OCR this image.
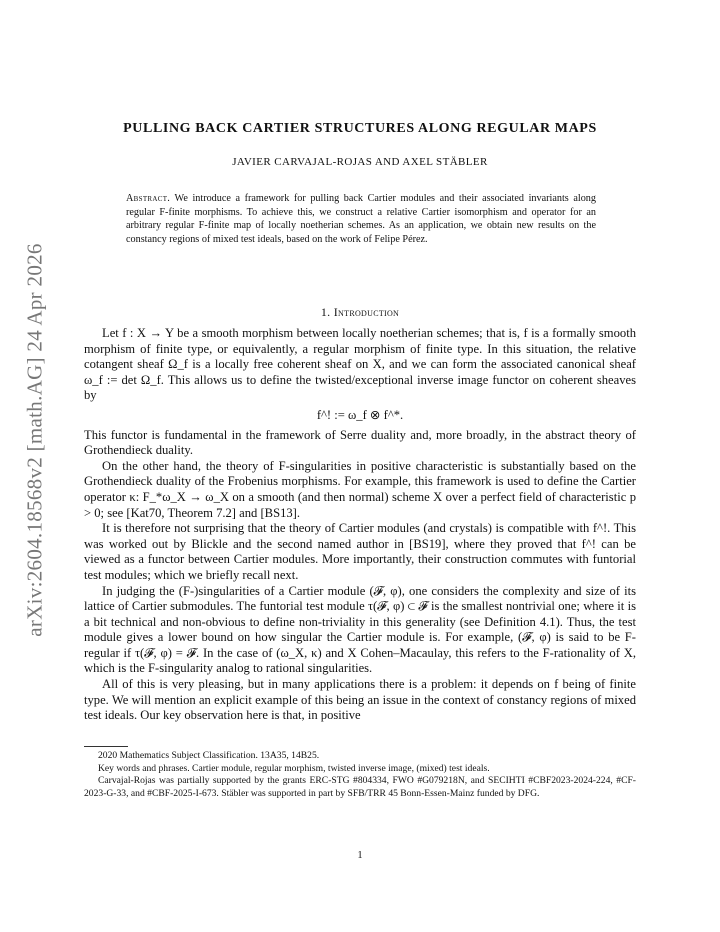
arXiv:2604.18568v2 [math.AG] 24 Apr 2026
PULLING BACK CARTIER STRUCTURES ALONG REGULAR MAPS
JAVIER CARVAJAL-ROJAS AND AXEL STÄBLER
Abstract. We introduce a framework for pulling back Cartier modules and their associated invariants along regular F-finite morphisms. To achieve this, we construct a relative Cartier isomorphism and operator for an arbitrary regular F-finite map of locally noetherian schemes. As an application, we obtain new results on the constancy regions of mixed test ideals, based on the work of Felipe Pérez.
1. Introduction

Let f : X → Y be a smooth morphism between locally noetherian schemes; that is, f is a formally smooth morphism of finite type, or equivalently, a regular morphism of finite type. In this situation, the relative cotangent sheaf Ω_f is a locally free coherent sheaf on X, and we can form the associated canonical sheaf ω_f := det Ω_f. This allows us to define the twisted/exceptional inverse image functor on coherent sheaves by

f^! := ω_f ⊗ f^*.

This functor is fundamental in the framework of Serre duality and, more broadly, in the abstract theory of Grothendieck duality.

On the other hand, the theory of F-singularities in positive characteristic is substantially based on the Grothendieck duality of the Frobenius morphisms. For example, this framework is used to define the Cartier operator κ: F_*ω_X → ω_X on a smooth (and then normal) scheme X over a perfect field of characteristic p > 0; see [Kat70, Theorem 7.2] and [BS13].

It is therefore not surprising that the theory of Cartier modules (and crystals) is compatible with f^!. This was worked out by Blickle and the second named author in [BS19], where they proved that f^! can be viewed as a functor between Cartier modules. More importantly, their construction commutes with funtorial test modules; which we briefly recall next.

In judging the (F-)singularities of a Cartier module (𝓕, φ), one considers the complexity and size of its lattice of Cartier submodules. The funtorial test module τ(𝓕, φ) ⊂ 𝓕 is the smallest nontrivial one; where it is a bit technical and non-obvious to define non-triviality in this generality (see Definition 4.1). Thus, the test module gives a lower bound on how singular the Cartier module is. For example, (𝓕, φ) is said to be F-regular if τ(𝓕, φ) = 𝓕. In the case of (ω_X, κ) and X Cohen–Macaulay, this refers to the F-rationality of X, which is the F-singularity analog to rational singularities.

All of this is very pleasing, but in many applications there is a problem: it depends on f being of finite type. We will mention an explicit example of this being an issue in the context of constancy regions of mixed test ideals. Our key observation here is that, in positive

2020 Mathematics Subject Classification. 13A35, 14B25.

Key words and phrases. Cartier module, regular morphism, twisted inverse image, (mixed) test ideals.

Carvajal-Rojas was partially supported by the grants ERC-STG #804334, FWO #G079218N, and SECIHTI #CBF2023-2024-224, #CF-2023-G-33, and #CBF-2025-I-673. Stäbler was supported in part by SFB/TRR 45 Bonn-Essen-Mainz funded by DFG.

1
